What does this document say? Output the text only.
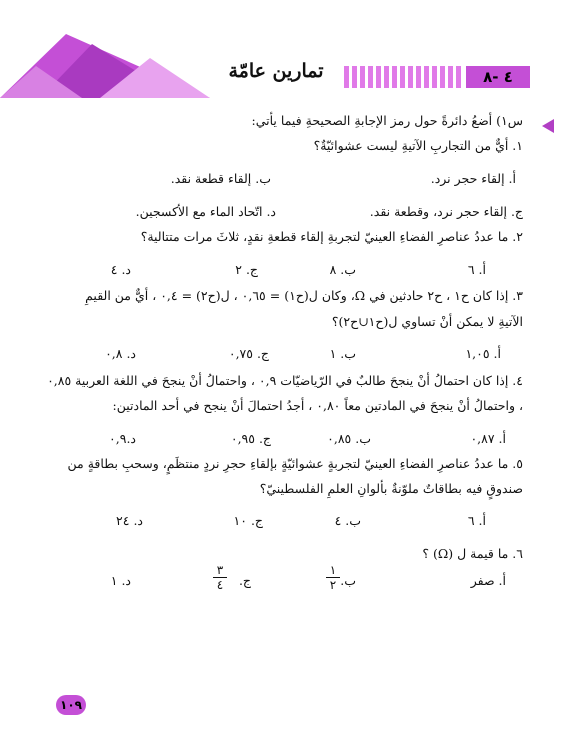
٤ -٨
تمارين عامّة
س١) أضعُ دائرةً حول رمز الإجابةِ الصحيحةِ فيما يأتي:
١. أيٌّ من التجاربِ الآتيةِ ليست عشوائيّةٌ؟
أ. إلقاء حجر نرد.
ب. إلقاء قطعة نقد.
ج. إلقاء حجر نرد، وقطعة نقد.
د. اتّحاد الماء مع الأكسجين.
٢. ما عددُ عناصرِ الفضاءِ العينيّ لتجربةِ إلقاء قطعةِ نقدٍ، ثلاثَ مرات متتالية؟
أ. ٦
ب. ٨
ج. ٢
د. ٤
٣. إذا كان ح١ ، ح٢ حادثين في Ω، وكان ل(ح١) = ٠,٦٥ ، ل(ح٢) = ٠,٤ ، أيٌّ من القيمِ
الآتيةِ لا يمكن أنْ تساوي ل(ح١∪ح٢)؟
أ. ١,٠٥
ب. ١
ج. ٠,٧٥
د. ٠,٨
٤. إذا كان احتمالُ أنْ ينجحَ طالبٌ في الرّياضيّات ٠,٩ ، واحتمالُ أنْ ينجحَ في اللغة العربية ٠,٨٥
، واحتمالُ أنْ ينجحَ في المادتين معاً ٠,٨٠ ، أجدُ احتمالَ أنْ ينجح في أحد المادتين:
أ. ٠,٨٧
ب. ٠,٨٥
ج. ٠,٩٥
د.٠,٩
٥. ما عددُ عناصرِ الفضاءِ العينيّ لتجربةٍ عشوائيّةٍ بإلقاءِ حجرِ نردٍ منتظَمٍ، وسحبِ بطاقةٍ من
صندوقٍ فيه بطاقاتٌ ملوّنةٌ بألوانِ العلمِ الفلسطينيّ؟
أ. ٦
ب. ٤
ج. ١٠
د. ٢٤
٦. ما قيمة ل (Ω) ؟
أ. صفر
ب.
١
٢
ج.
٣
٤
د. ١
١٠٩
